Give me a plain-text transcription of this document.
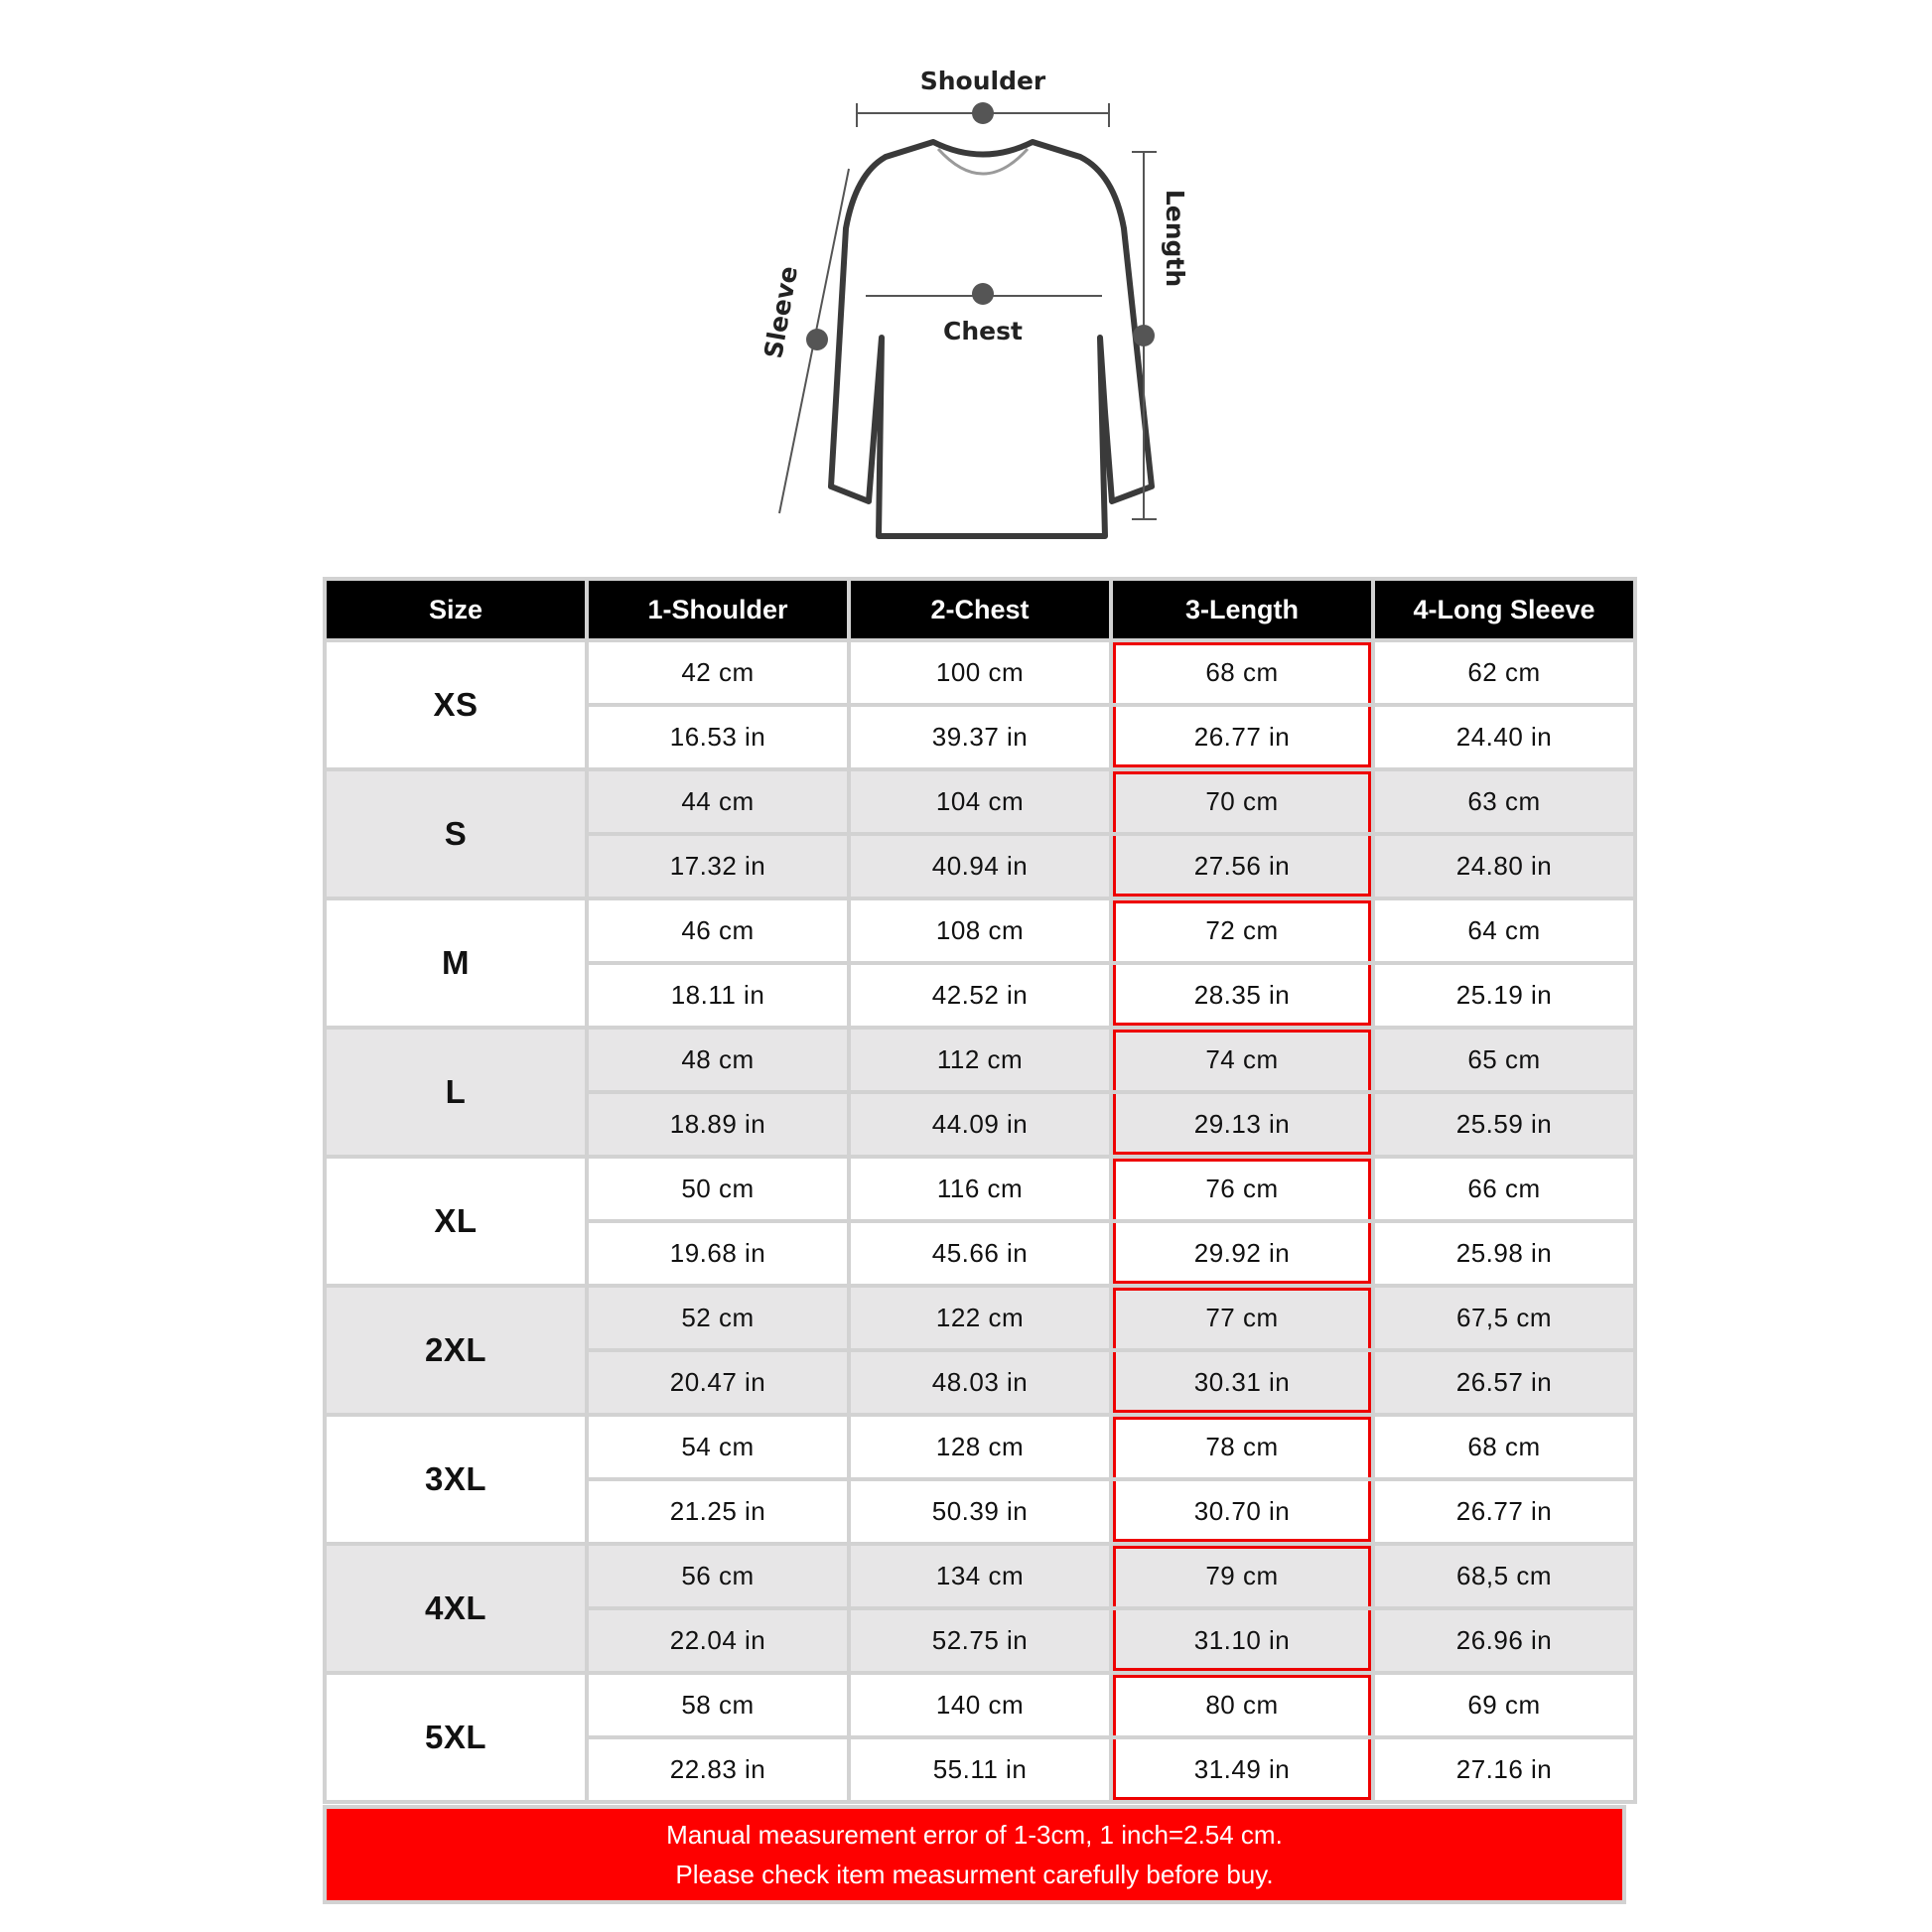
Shoulder
Chest
Length
Sleeve
Size	1-Shoulder	2-Chest	3-Length	4-Long Sleeve
XS	42 cm	100 cm	68 cm	62 cm
	16.53 in	39.37 in	26.77 in	24.40 in
S	44 cm	104 cm	70 cm	63 cm
	17.32 in	40.94 in	27.56 in	24.80 in
M	46 cm	108 cm	72 cm	64 cm
	18.11 in	42.52 in	28.35 in	25.19 in
L	48 cm	112 cm	74 cm	65 cm
	18.89 in	44.09 in	29.13 in	25.59 in
XL	50 cm	116 cm	76 cm	66 cm
	19.68 in	45.66 in	29.92 in	25.98 in
2XL	52 cm	122 cm	77 cm	67,5 cm
	20.47 in	48.03 in	30.31 in	26.57 in
3XL	54 cm	128 cm	78 cm	68 cm
	21.25 in	50.39 in	30.70 in	26.77 in
4XL	56 cm	134 cm	79 cm	68,5 cm
	22.04 in	52.75 in	31.10 in	26.96 in
5XL	58 cm	140 cm	80 cm	69 cm
	22.83 in	55.11 in	31.49 in	27.16 in
Manual measurement error of 1-3cm, 1 inch=2.54 cm.
Please check item measurment carefully before buy.
